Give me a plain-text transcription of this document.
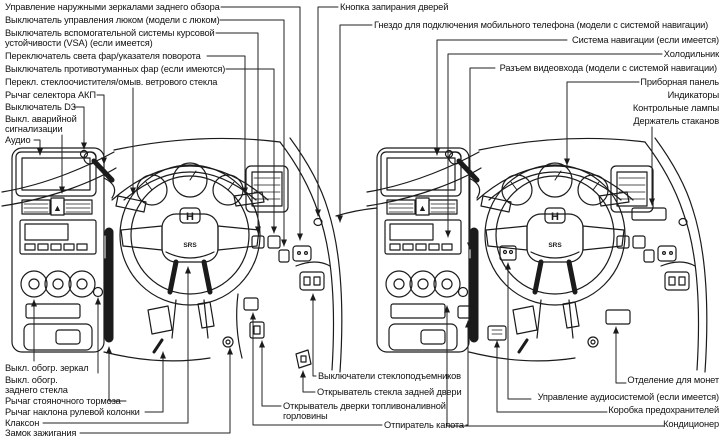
▲
H
SRS
Управление наружными зеркалами заднего обзора
Выключатель управления люком (модели с люком)
Выключатель вспомогательной системы курсовой устойчивости (VSA) (если имеется)
Переключатель света фар/указателя поворота
Выключатель противотуманных фар (если имеются)
Перекл. стеклоочистителя/омыв. ветрового стекла
Рычаг селектора АКП
Выключатель D3
Выкл. аварийной сигнализации
Аудио
Кнопка запирания дверей
Гнездо для подключения мобильного телефона (модели с системой навигации)
Система навигации (если имеется)
Холодильник
Разъем видеовхода (модели с системой навигации)
Приборная панель
Индикаторы
Контрольные лампы
Держатель стаканов
Выкл. обогр. зеркал
Выкл. обогр. заднего стекла
Рычаг стояночного тормоза
Рычаг наклона рулевой колонки
Клаксон
Замок зажигания
Выключатели стеклоподъемников
Открыватель стекла задней двери
Открыватель дверки топливоналивной горловины
Отпиратель капота
Отделение для монет
Управление аудиосистемой (если имеется)
Коробка предохранителей
Кондиционер
